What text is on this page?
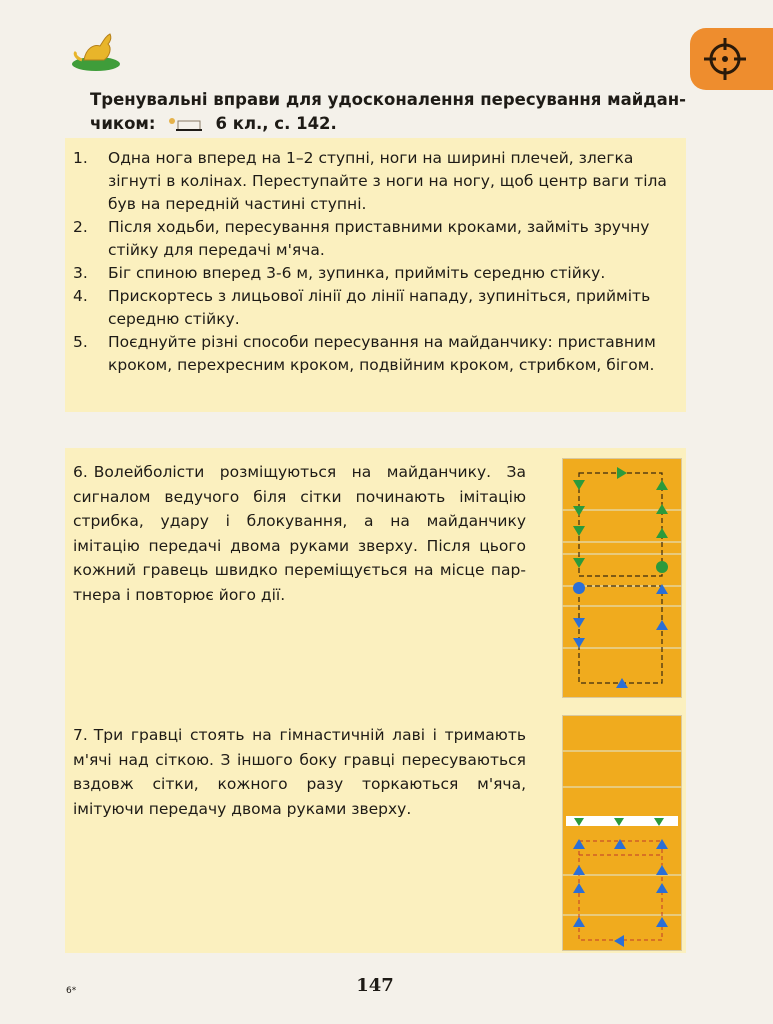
Тренувальні вправи для удосконалення пересування майданчиком:	6 кл., с. 142.

1. Одна нога вперед на 1–2 ступні, ноги на ширині плечей, злегка зігнуті в колінах. Переступайте з ноги на ногу, щоб центр ваги тіла був на передній частині ступні.
2. Після ходьби, пересування приставними кроками, займіть зручну стійку для передачі м'яча.
3. Біг спиною вперед 3-6 м, зупинка, прийміть середню стійку.
4. Прискортесь з лицьової лінії до лінії нападу, зупиніться, прийміть середню стійку.
5. Поєднуйте різні способи пересування на майданчику: приставним кроком, перехресним кроком, подвійним кроком, стрибком, бігом.
6. Волейболісти розміщуються на майданчику. За сигналом ведучого біля сітки починають імітацію стрибка, удару і блокування, а на майданчику імітацію передачі двома руками зверху. Після цього кожний гравець швидко переміщується на місце партнера і повторює його дії.
7. Три гравці стоять на гімнастичній лаві і тримають м'ячі над сіткою. З іншого боку гравці пересуваються вздовж сітки, кожного разу торкаються м'яча, імітуючи передачу двома руками зверху.
147
6*
